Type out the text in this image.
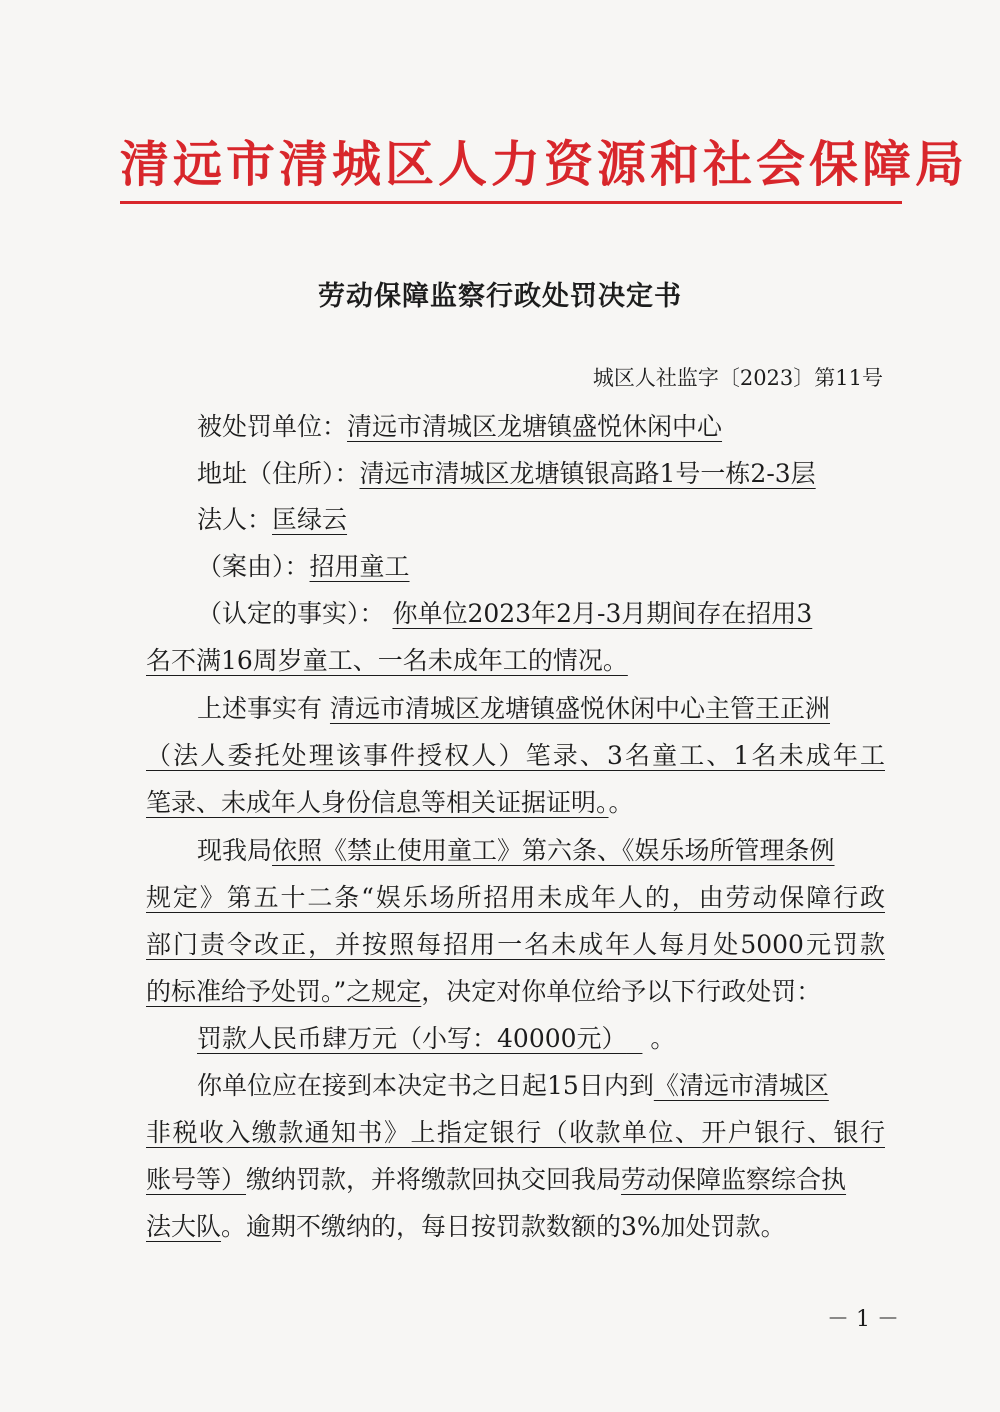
清远市清城区人力资源和社会保障局
劳动保障监察行政处罚决定书
城区人社监字〔2023〕第11号
被处罚单位：清远市清城区龙塘镇盛悦休闲中心
地址（住所）：清远市清城区龙塘镇银高路1号一栋2-3层
法人：匡绿云
（案由）：招用童工
（认定的事实）： 你单位2023年2月-3月期间存在招用3
名不满16周岁童工、一名未成年工的情况。
上述事实有 清远市清城区龙塘镇盛悦休闲中心主管王正洲
（法人委托处理该事件授权人）笔录、3名童工、1名未成年工
笔录、未成年人身份信息等相关证据证明。。
现我局依照《禁止使用童工》第六条、《娱乐场所管理条例
规定》第五十二条“娱乐场所招用未成年人的，由劳动保障行政
部门责令改正，并按照每招用一名未成年人每月处5000元罚款
的标准给予处罚。”之规定，决定对你单位给予以下行政处罚：
罚款人民币肆万元（小写：40000元） 。
你单位应在接到本决定书之日起15日内到《清远市清城区
非税收入缴款通知书》上指定银行（收款单位、开户银行、银行
账号等）缴纳罚款，并将缴款回执交回我局劳动保障监察综合执
法大队。逾期不缴纳的，每日按罚款数额的3%加处罚款。
－ 1 －
